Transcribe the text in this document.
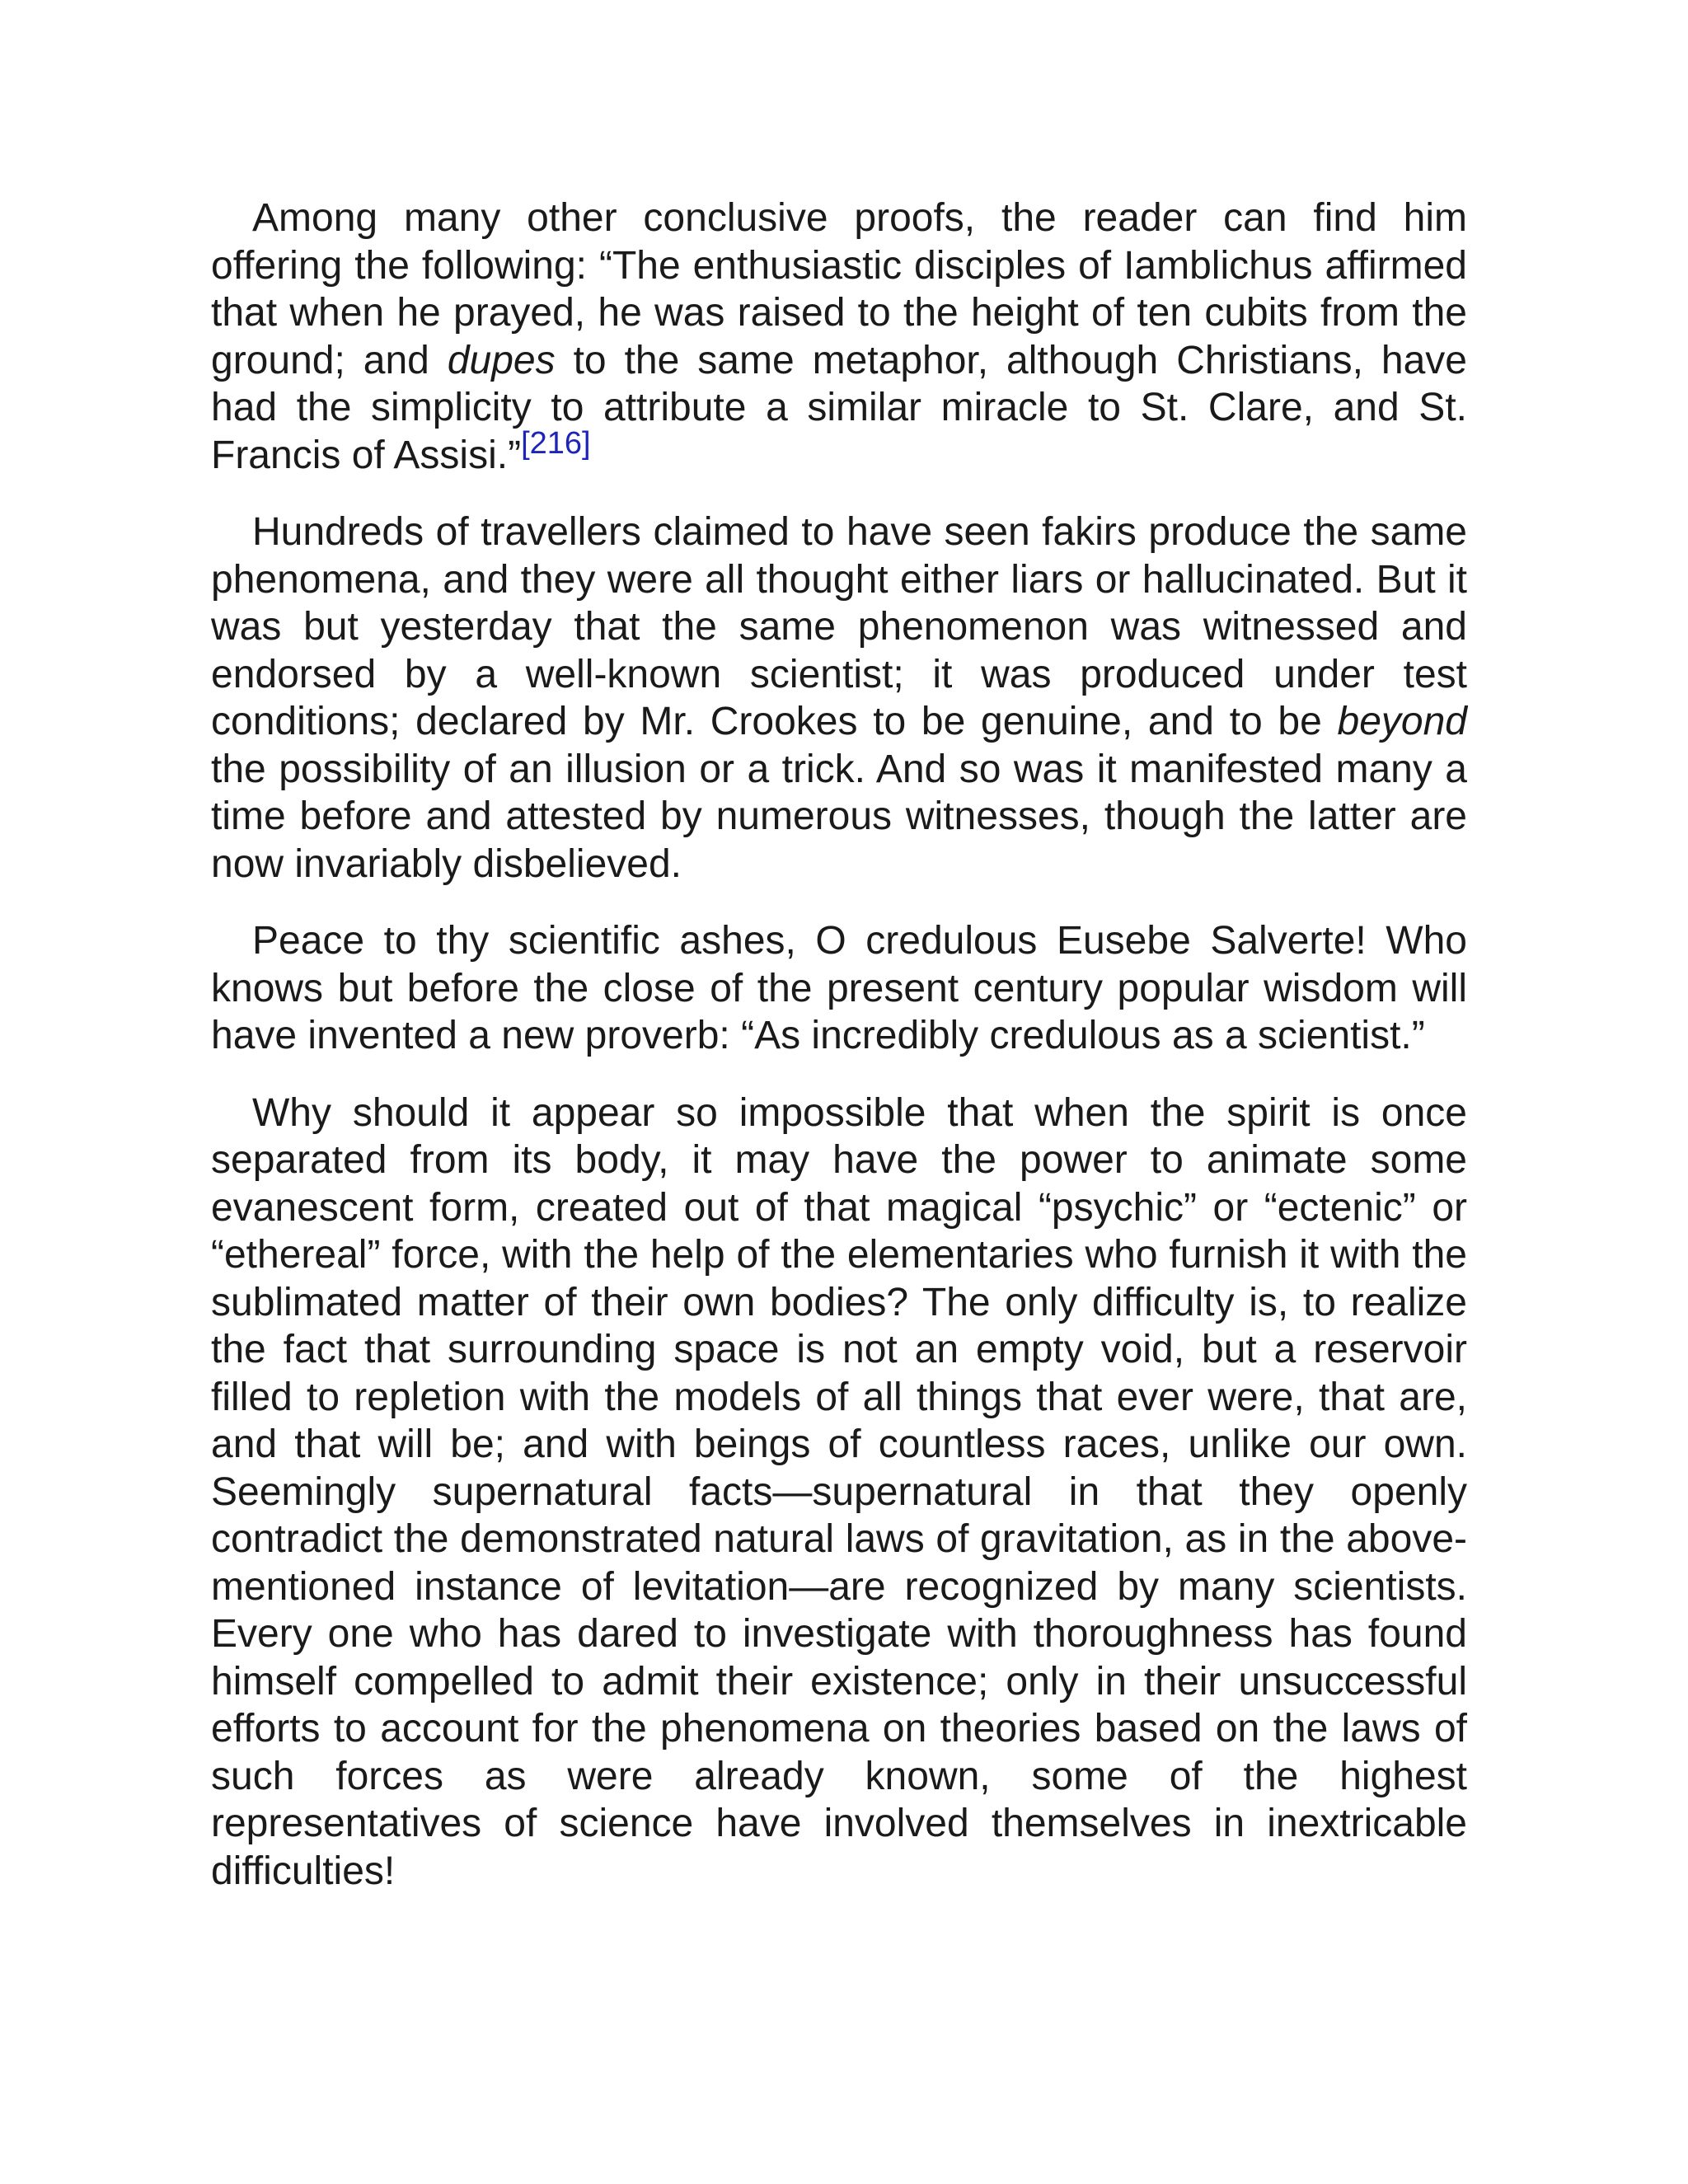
Among many other conclusive proofs, the reader can find him offering the following: “The enthusiastic disciples of Iamblichus affirmed that when he prayed, he was raised to the height of ten cubits from the ground; and dupes to the same metaphor, although Christians, have had the simplicity to attribute a similar miracle to St. Clare, and St. Francis of Assisi.”[216]

Hundreds of travellers claimed to have seen fakirs produce the same phenomena, and they were all thought either liars or hallucinated. But it was but yesterday that the same phenomenon was witnessed and endorsed by a well-known scientist; it was produced under test conditions; declared by Mr. Crookes to be genuine, and to be beyond the possibility of an illusion or a trick. And so was it manifested many a time before and attested by numerous witnesses, though the latter are now invariably disbelieved.

Peace to thy scientific ashes, O credulous Eusebe Salverte! Who knows but before the close of the present century popular wisdom will have invented a new proverb: “As incredibly credulous as a scientist.”

Why should it appear so impossible that when the spirit is once separated from its body, it may have the power to animate some evanescent form, created out of that magical “psychic” or “ectenic” or “ethereal” force, with the help of the elementaries who furnish it with the sublimated matter of their own bodies? The only difficulty is, to realize the fact that surrounding space is not an empty void, but a reservoir filled to repletion with the models of all things that ever were, that are, and that will be; and with beings of countless races, unlike our own. Seemingly supernatural facts—supernatural in that they openly contradict the demonstrated natural laws of gravitation, as in the above-mentioned instance of levitation—are recognized by many scientists. Every one who has dared to investigate with thoroughness has found himself compelled to admit their existence; only in their unsuccessful efforts to account for the phenomena on theories based on the laws of such forces as were already known, some of the highest representatives of science have involved themselves in inextricable difficulties!
